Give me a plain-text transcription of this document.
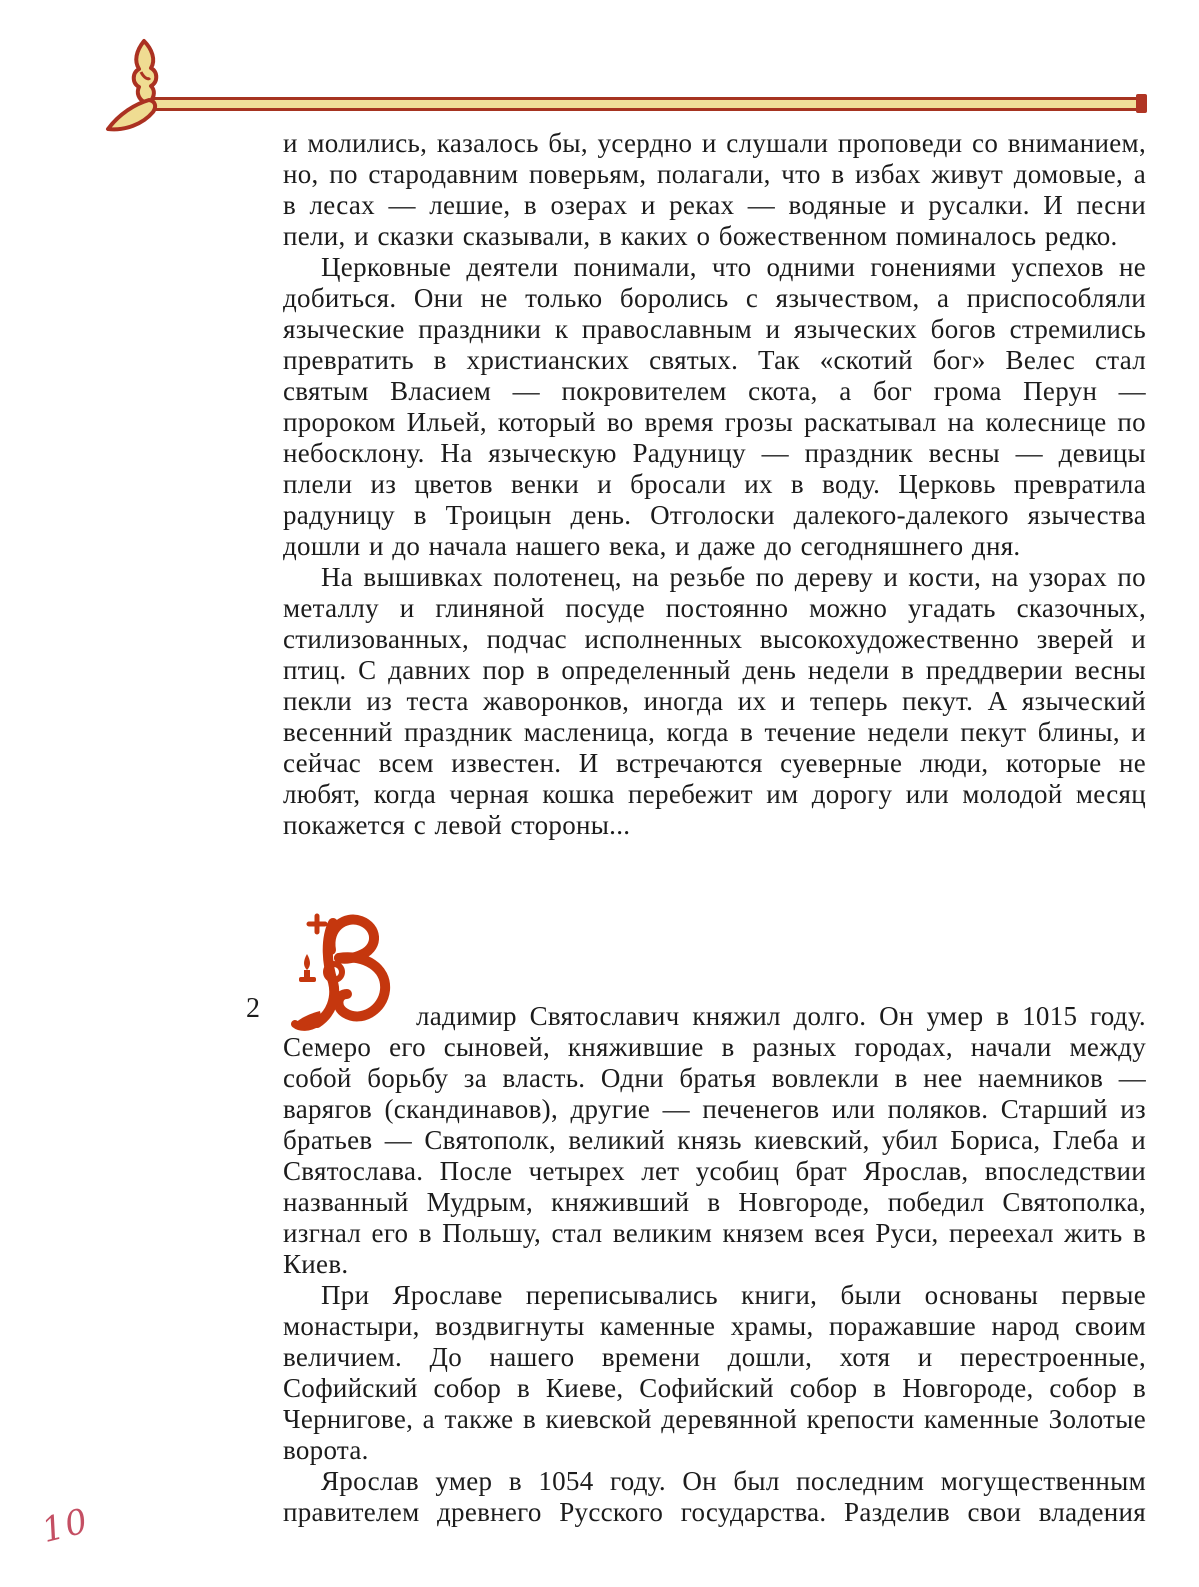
и молились, казалось бы, усердно и слушали проповеди со вниманием, но, по стародавним поверьям, полагали, что в избах живут домовые, а в лесах — лешие, в озерах и реках — водяные и русалки. И песни пели, и сказки сказывали, в каких о божественном поминалось редко.

Церковные деятели понимали, что одними гонениями успехов не добиться. Они не только боролись с язычеством, а приспособляли языческие праздники к православным и языческих богов стремились превратить в христианских святых. Так «скотий бог» Велес стал святым Власием — покровителем скота, а бог грома Перун — пророком Ильей, который во время грозы раскатывал на колеснице по небосклону. На языческую Радуницу — праздник весны — девицы плели из цветов венки и бросали их в воду. Церковь превратила радуницу в Троицын день. Отголоски далекого-далекого язычества дошли и до начала нашего века, и даже до сегодняшнего дня.

На вышивках полотенец, на резьбе по дереву и кости, на узорах по металлу и глиняной посуде постоянно можно угадать сказочных, стилизованных, подчас исполненных высокохудожественно зверей и птиц. С давних пор в определенный день недели в преддверии весны пекли из теста жаворонков, иногда их и теперь пекут. А языческий весенний праздник масленица, когда в течение недели пекут блины, и сейчас всем известен. И встречаются суеверные люди, которые не любят, когда черная кошка перебежит им дорогу или молодой месяц покажется с левой стороны...

2	ладимир Святославич княжил долго. Он умер в 1015 году. Семеро его сыновей, княжившие в разных городах, начали между собой борьбу за власть. Одни братья вовлекли в нее наемников — варягов (скандинавов), другие — печенегов или поляков. Старший из братьев — Святополк, великий князь киевский, убил Бориса, Глеба и Святослава. После четырех лет усобиц брат Ярослав, впоследствии названный Мудрым, княживший в Новгороде, победил Святополка, изгнал его в Польшу, стал великим князем всея Руси, переехал жить в Киев.

При Ярославе переписывались книги, были основаны первые монастыри, воздвигнуты каменные храмы, поражавшие народ своим величием. До нашего времени дошли, хотя и перестроенные, Софийский собор в Киеве, Софийский собор в Новгороде, собор в Чернигове, а также в киевской деревянной крепости каменные Золотые ворота.

Ярослав умер в 1054 году. Он был последним могущественным правителем древнего Русского государства. Разделив свои владения

10
